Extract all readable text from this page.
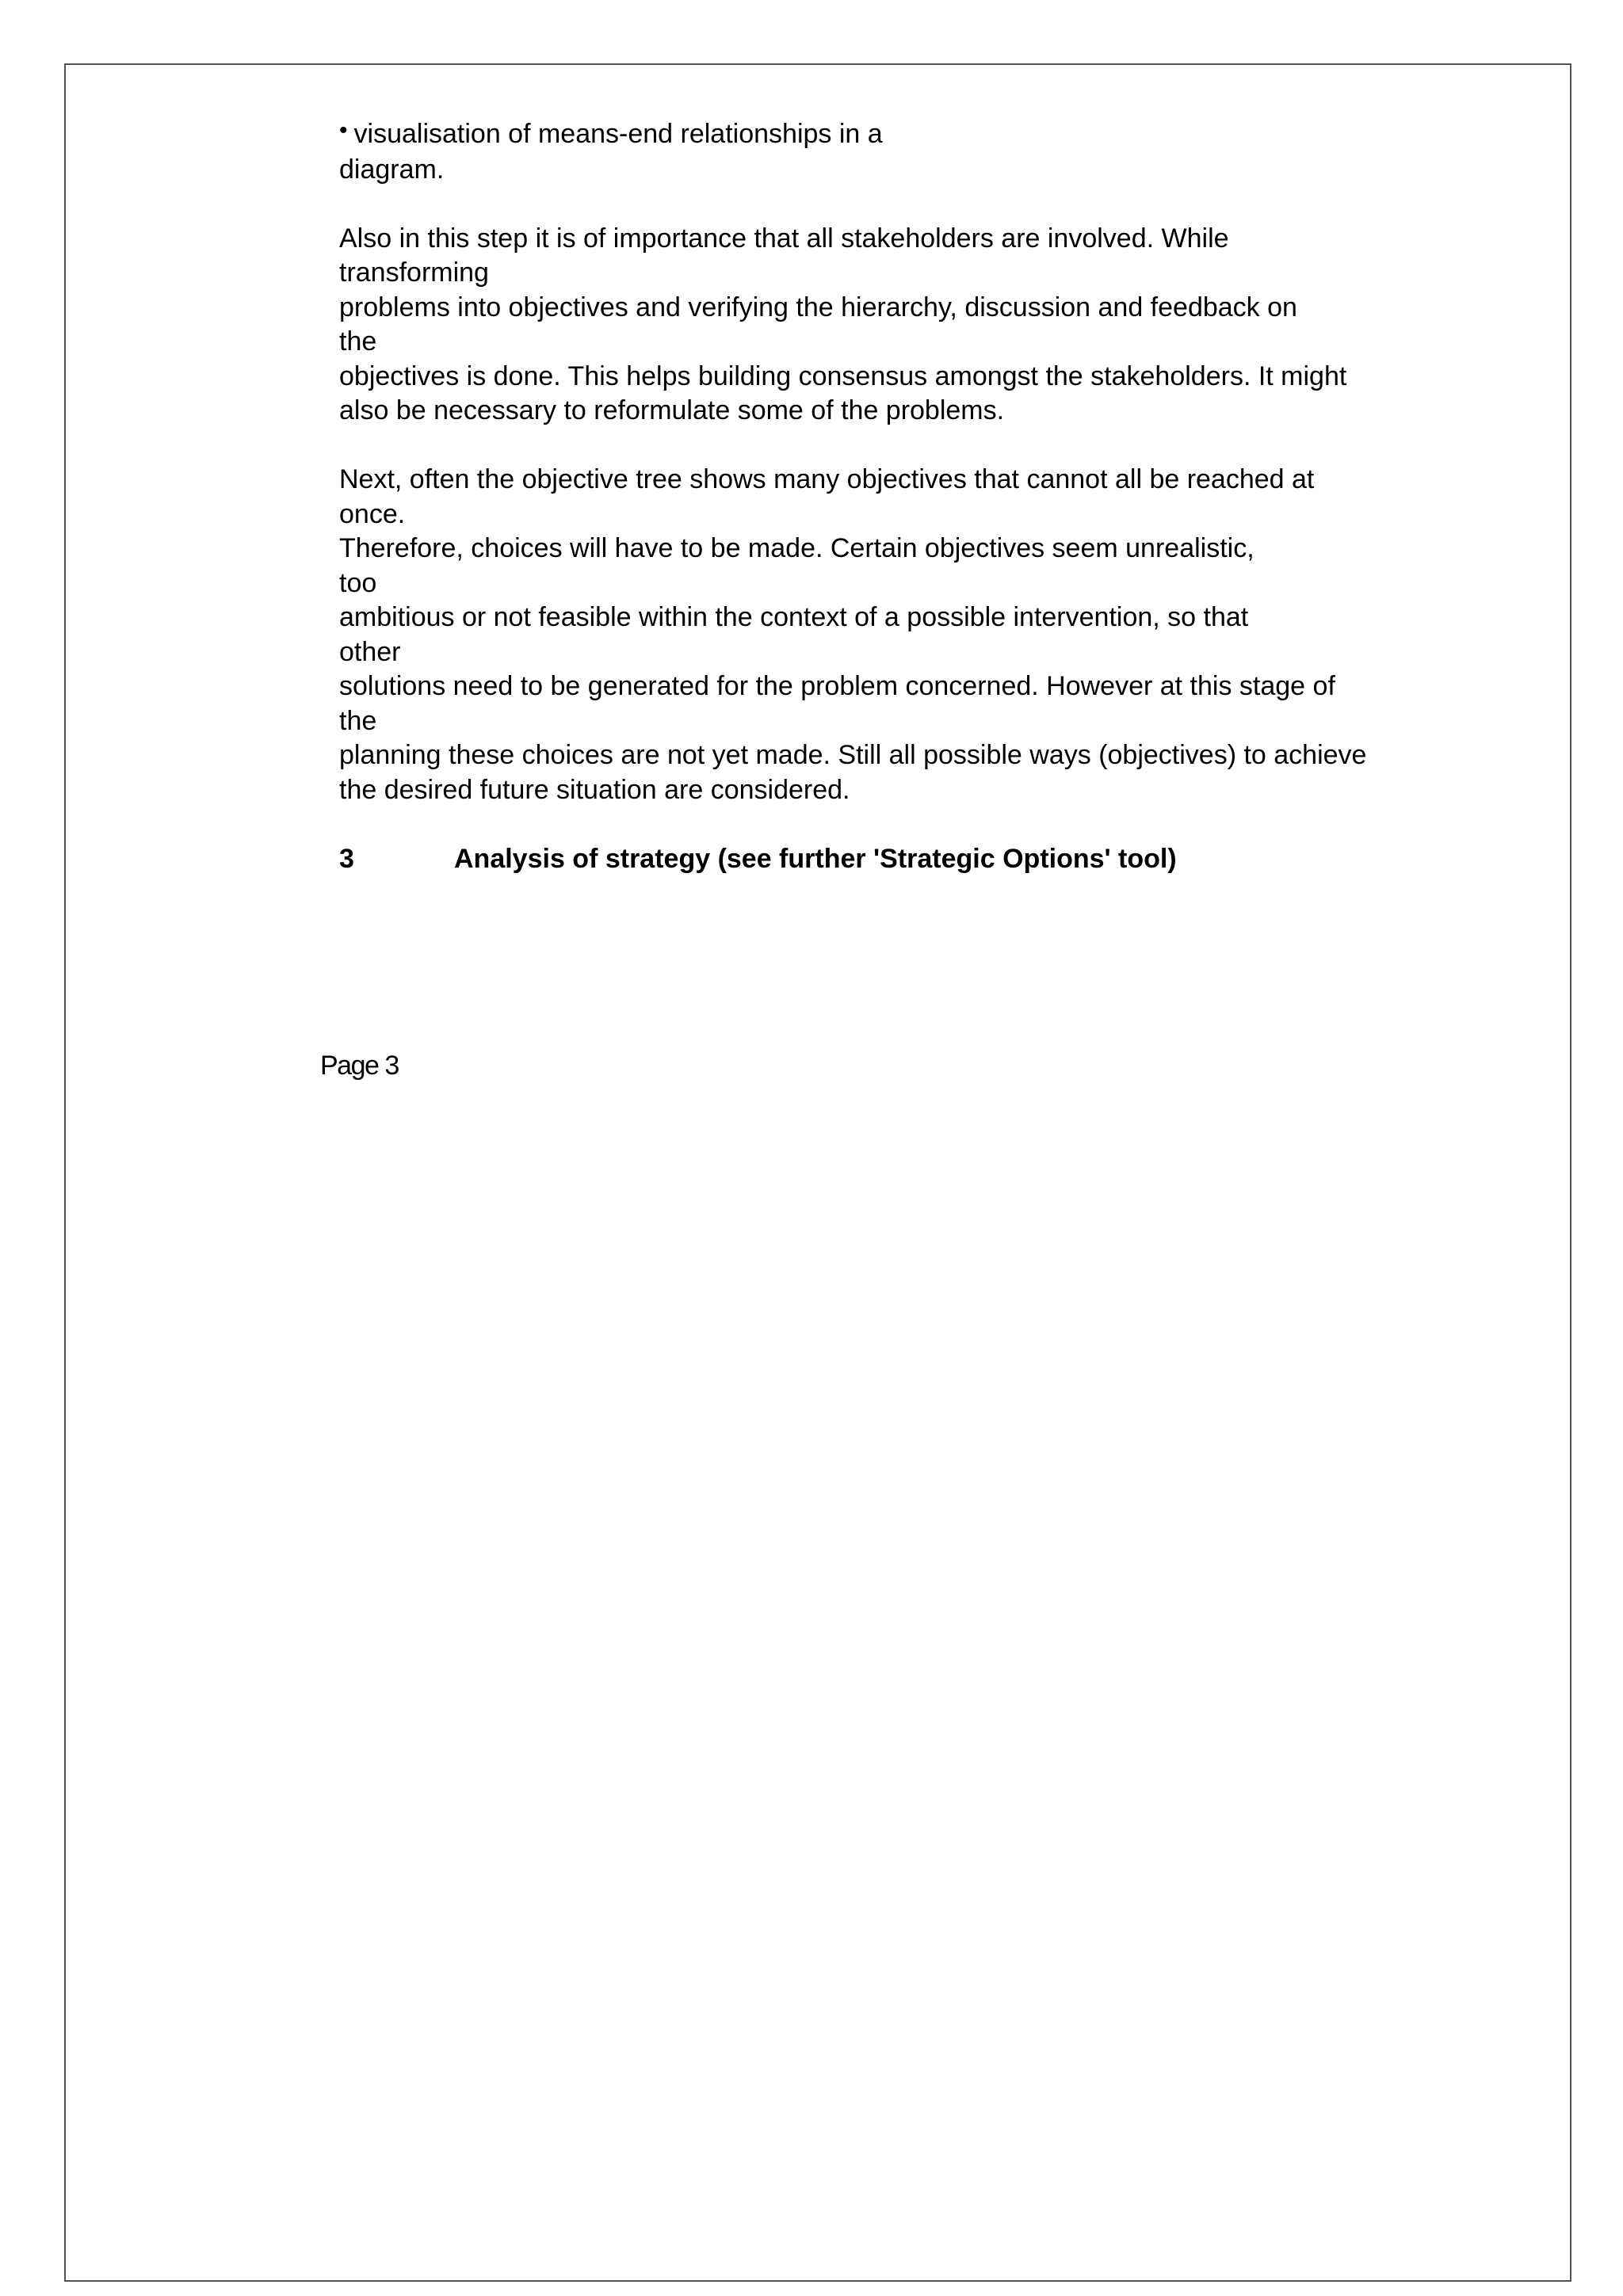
• visualisation of means-end relationships in a
diagram.
Also in this step it is of importance that all stakeholders are involved. While
transforming
problems into objectives and verifying the hierarchy, discussion and feedback on
the
objectives is done. This helps building consensus amongst the stakeholders. It might
also be necessary to reformulate some of the problems.
Next, often the objective tree shows many objectives that cannot all be reached at
once.
Therefore, choices will have to be made. Certain objectives seem unrealistic,
too
ambitious or not feasible within the context of a possible intervention, so that
other
solutions need to be generated for the problem concerned. However at this stage of
the
planning these choices are not yet made. Still all possible ways (objectives) to achieve
the desired future situation are considered.
3	Analysis of strategy (see further 'Strategic Options' tool)
Page 3
